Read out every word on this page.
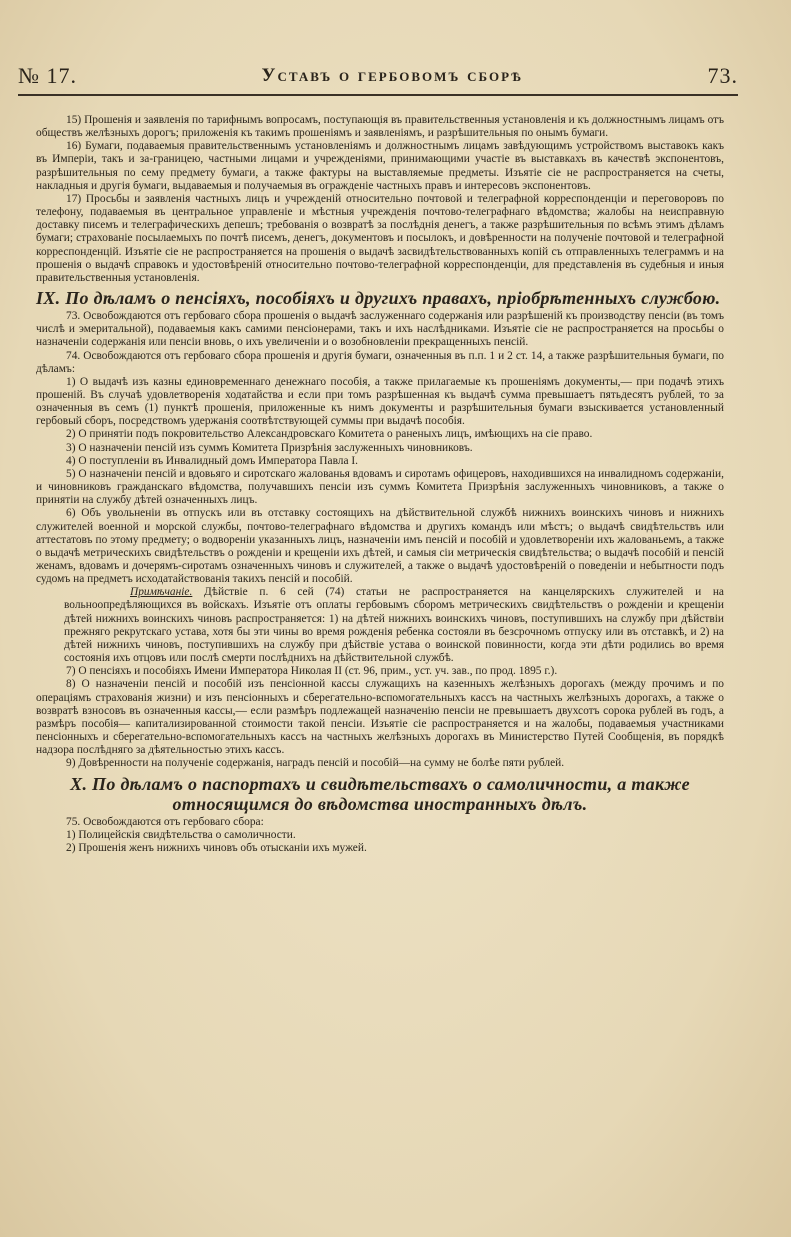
№ 17.	Уставъ о гербовомъ сборѣ	73.

15) Прошенія и заявленія по тарифнымъ вопросамъ, поступающія въ правительственныя установленія и къ должностнымъ лицамъ отъ обществъ желѣзныхъ дорогъ; приложенія къ такимъ прошеніямъ и заявленіямъ, и разрѣшительныя по онымъ бумаги.

16) Бумаги, подаваемыя правительственнымъ установленіямъ и должностнымъ лицамъ завѣдующимъ устройствомъ выставокъ какъ въ Имперіи, такъ и за-границею, частными лицами и учрежденіями, принимающими участіе въ выставкахъ въ качествѣ экспонентовъ, разрѣшительныя по сему предмету бумаги, а также фактуры на выставляемые предметы. Изъятіе сіе не распространяется на счеты, накладныя и другія бумаги, выдаваемыя и получаемыя въ огражденіе частныхъ правъ и интересовъ экспонентовъ.

17) Просьбы и заявленія частныхъ лицъ и учрежденій относительно почтовой и телеграфной корреспонденціи и переговоровъ по телефону, подаваемыя въ центральное управленіе и мѣстныя учрежденія почтово-телеграфнаго вѣдомства; жалобы на неисправную доставку писемъ и телеграфическихъ депешъ; требованія о возвратѣ за послѣднія денегъ, а также разрѣшительныя по всѣмъ этимъ дѣламъ бумаги; страхованіе посылаемыхъ по почтѣ писемъ, денегъ, документовъ и посылокъ, и довѣренности на полученіе почтовой и телеграфной корреспонденцій. Изъятіе сіе не распространяется на прошенія о выдачѣ засвидѣтельствованныхъ копій съ отправленныхъ телеграммъ и на прошенія о выдачѣ справокъ и удостовѣреній относительно почтово-телеграфной корреспонденціи, для представленія въ судебныя и иныя правительственныя установленія.

IX. По дѣламъ о пенсіяхъ, пособіяхъ и другихъ правахъ, пріобрѣтенныхъ службою.

73. Освобождаются отъ гербоваго сбора прошенія о выдачѣ заслуженнаго содержанія или разрѣшеній къ производству пенсіи (въ томъ числѣ и эмеритальной), подаваемыя какъ самими пенсіонерами, такъ и ихъ наслѣдниками. Изъятіе сіе не распространяется на просьбы о назначеніи содержанія или пенсіи вновь, о ихъ увеличеніи и о возобновленіи прекращенныхъ пенсій.

74. Освобождаются отъ гербоваго сбора прошенія и другія бумаги, означенныя въ п.п. 1 и 2 ст. 14, а также разрѣшительныя бумаги, по дѣламъ:

1) О выдачѣ изъ казны единовременнаго денежнаго пособія, а также прилагаемые къ прошеніямъ документы,— при подачѣ этихъ прошеній. Въ случаѣ удовлетворенія ходатайства и если при томъ разрѣшенная къ выдачѣ сумма превышаетъ пятьдесятъ рублей, то за означенныя въ семъ (1) пунктѣ прошенія, приложенные къ нимъ документы и разрѣшительныя бумаги взыскивается установленный гербовый сборъ, посредствомъ удержанія соотвѣтствующей суммы при выдачѣ пособія.

2) О принятіи подъ покровительство Александровскаго Комитета о раненыхъ лицъ, имѣющихъ на сіе право.

3) О назначеніи пенсій изъ суммъ Комитета Призрѣнія заслуженныхъ чиновниковъ.

4) О поступленіи въ Инвалидный домъ Императора Павла I.

5) О назначеніи пенсій и вдовьяго и сиротскаго жалованья вдовамъ и сиротамъ офицеровъ, находившихся на инвалидномъ содержаніи, и чиновниковъ гражданскаго вѣдомства, получавшихъ пенсіи изъ суммъ Комитета Призрѣнія заслуженныхъ чиновниковъ, а также о принятіи на службу дѣтей означенныхъ лицъ.

6) Объ увольненіи въ отпускъ или въ отставку состоящихъ на дѣйствительной службѣ нижнихъ воинскихъ чиновъ и нижнихъ служителей военной и морской службы, почтово-телеграфнаго вѣдомства и другихъ командъ или мѣстъ; о выдачѣ свидѣтельствъ или аттестатовъ по этому предмету; о водвореніи указанныхъ лицъ, назначеніи имъ пенсій и пособій и удовлетвореніи ихъ жалованьемъ, а также о выдачѣ метрическихъ свидѣтельствъ о рожденіи и крещеніи ихъ дѣтей, и самыя сіи метрическія свидѣтельства; о выдачѣ пособій и пенсій женамъ, вдовамъ и дочерямъ-сиротамъ означенныхъ чиновъ и служителей, а также о выдачѣ удостовѣреній о поведеніи и небытности подъ судомъ на предметъ исходатайствованія такихъ пенсій и пособій.

Примѣчаніе. Дѣйствіе п. 6 сей (74) статьи не распространяется на канцелярскихъ служителей и на вольноопредѣляющихся въ войскахъ. Изъятіе отъ оплаты гербовымъ сборомъ метрическихъ свидѣтельствъ о рожденіи и крещеніи дѣтей нижнихъ воинскихъ чиновъ распространяется: 1) на дѣтей нижнихъ воинскихъ чиновъ, поступившихъ на службу при дѣйствіи прежняго рекрутскаго устава, хотя бы эти чины во время рожденія ребенка состояли въ безсрочномъ отпуску или въ отставкѣ, и 2) на дѣтей нижнихъ чиновъ, поступившихъ на службу при дѣйствіе устава о воинской повинности, когда эти дѣти родились во время состоянія ихъ отцовъ или послѣ смерти послѣднихъ на дѣйствительной службѣ.

7) О пенсіяхъ и пособіяхъ Имени Императора Николая II (ст. 96, прим., уст. уч. зав., по прод. 1895 г.).

8) О назначеніи пенсій и пособій изъ пенсіонной кассы служащихъ на казенныхъ желѣзныхъ дорогахъ (между прочимъ и по операціямъ страхованія жизни) и изъ пенсіонныхъ и сберегательно-вспомогательныхъ кассъ на частныхъ желѣзныхъ дорогахъ, а также о возвратѣ взносовъ въ означенныя кассы,— если размѣръ подлежащей назначенію пенсіи не превышаетъ двухсотъ сорока рублей въ годъ, а размѣръ пособія— капитализированной стоимости такой пенсіи. Изъятіе сіе распространяется и на жалобы, подаваемыя участниками пенсіонныхъ и сберегательно-вспомогательныхъ кассъ на частныхъ желѣзныхъ дорогахъ въ Министерство Путей Сообщенія, въ порядкѣ надзора послѣдняго за дѣятельностью этихъ кассъ.

9) Довѣренности на полученіе содержанія, наградъ пенсій и пособій—на сумму не болѣе пяти рублей.

X. По дѣламъ о паспортахъ и свидѣтельствахъ о самоличности, а также
относящимся до вѣдомства иностранныхъ дѣлъ.

75. Освобождаются отъ гербоваго сбора:

1) Полицейскія свидѣтельства о самоличности.

2) Прошенія женъ нижнихъ чиновъ объ отысканіи ихъ мужей.
